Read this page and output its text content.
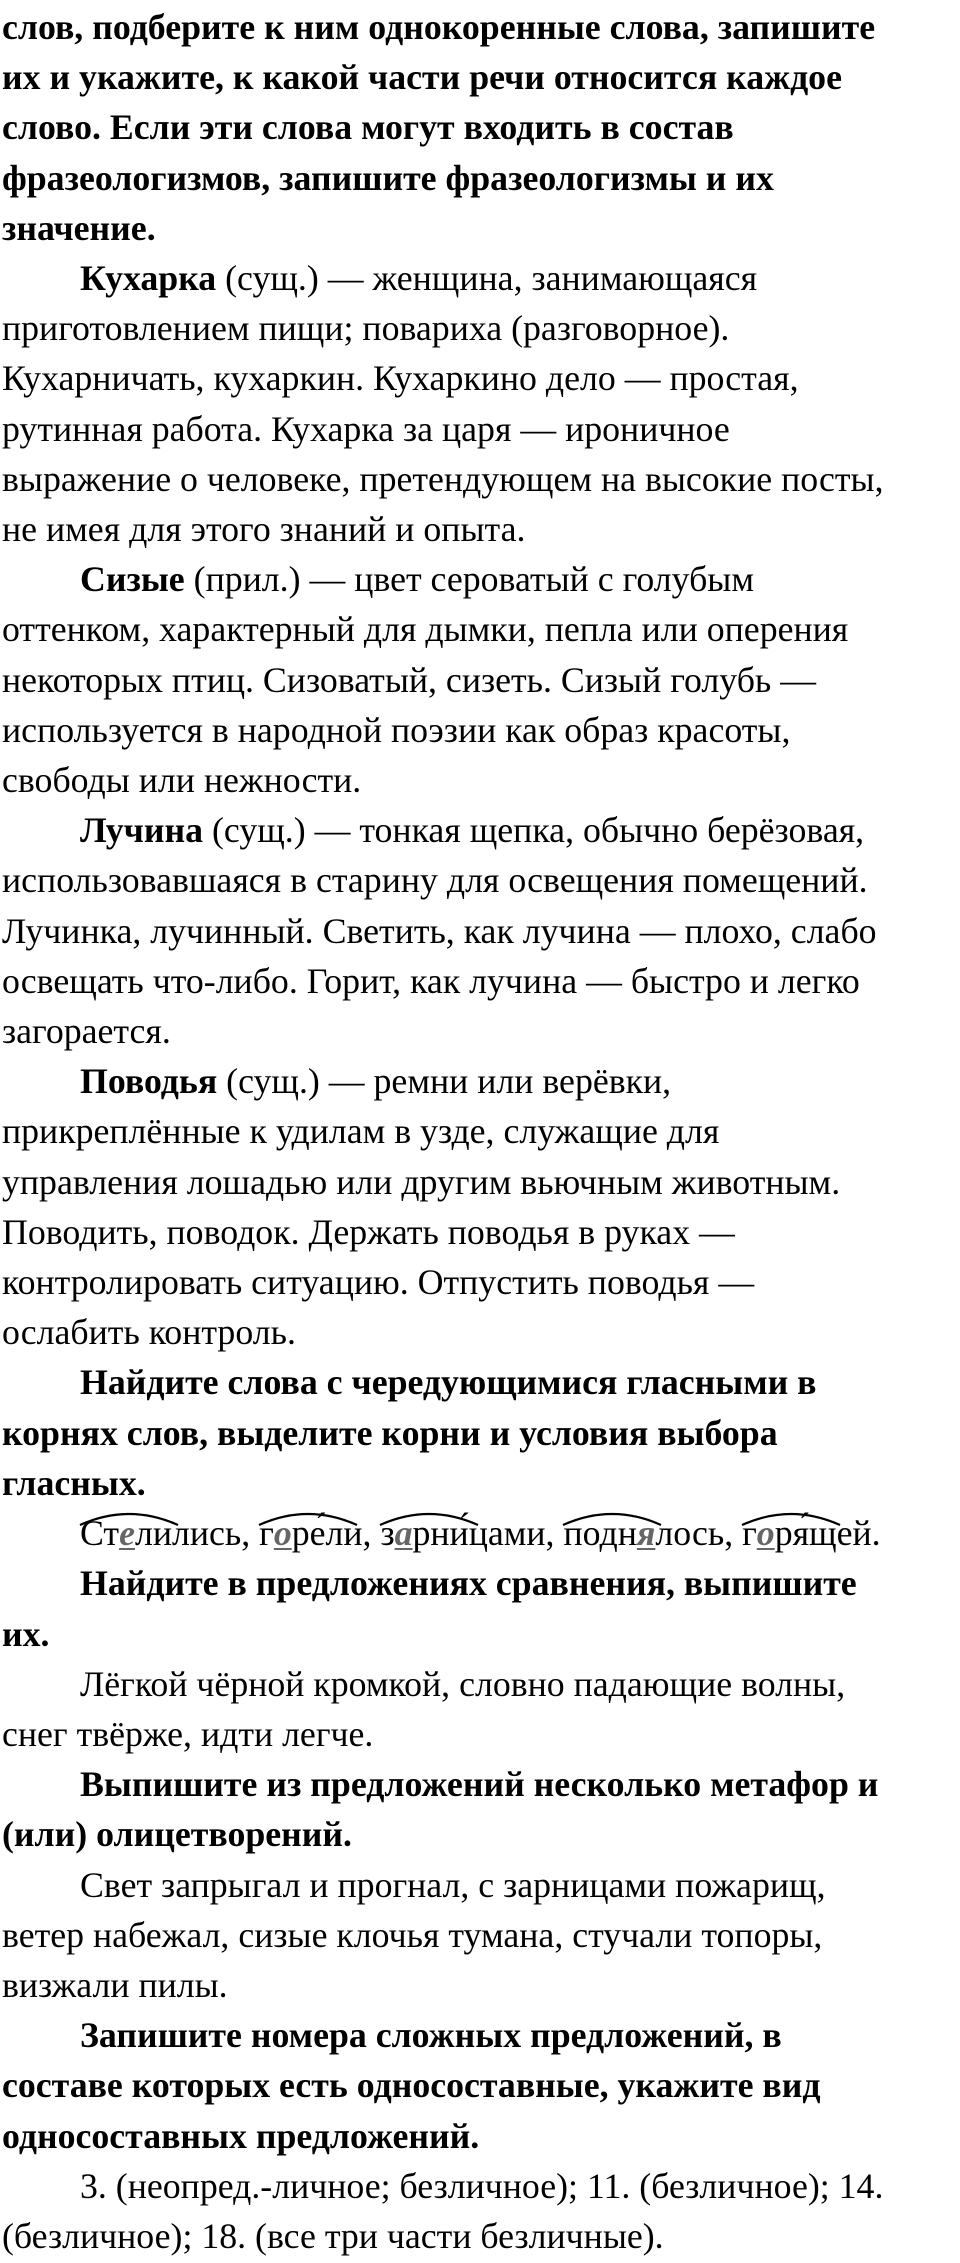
слов, подберите к ним однокоренные слова, запишите

их и укажите, к какой части речи относится каждое

слово. Если эти слова могут входить в состав

фразеологизмов, запишите фразеологизмы и их

значение.

Кухарка (сущ.) — женщина, занимающаяся

приготовлением пищи; повариха (разговорное).

Кухарничать, кухаркин. Кухаркино дело — простая,

рутинная работа. Кухарка за царя — ироничное

выражение о человеке, претендующем на высокие посты,

не имея для этого знаний и опыта.

Сизые (прил.) — цвет сероватый с голубым

оттенком, характерный для дымки, пепла или оперения

некоторых птиц. Сизоватый, сизеть. Сизый голубь —

используется в народной поэзии как образ красоты,

свободы или нежности.

Лучина (сущ.) — тонкая щепка, обычно берёзовая,

использовавшаяся в старину для освещения помещений.

Лучинка, лучинный. Светить, как лучина — плохо, слабо

освещать что-либо. Горит, как лучина — быстро и легко

загорается.

Поводья (сущ.) — ремни или верёвки,

прикреплённые к удилам в узде, служащие для

управления лошадью или другим вьючным животным.

Поводить, поводок. Держать поводья в руках —

контролировать ситуацию. Отпустить поводья —

ослабить контроль.

Найдите слова с чередующимися гласными в

корнях слов, выделите корни и условия выбора

гласных.

Стелились,
горе́ли,
зарни́цами,
поднялось,
горя́щей.

Найдите в предложениях сравнения, выпишите

их.

Лёгкой чёрной кромкой, словно падающие волны,

снег твёрже, идти легче.

Выпишите из предложений несколько метафор и

(или) олицетворений.

Свет запрыгал и прогнал, с зарницами пожарищ,

ветер набежал, сизые клочья тумана, стучали топоры,

визжали пилы.

Запишите номера сложных предложений, в

составе которых есть односоставные, укажите вид

односоставных предложений.

3. (неопред.-личное; безличное); 11. (безличное); 14.

(безличное); 18. (все три части безличные).
